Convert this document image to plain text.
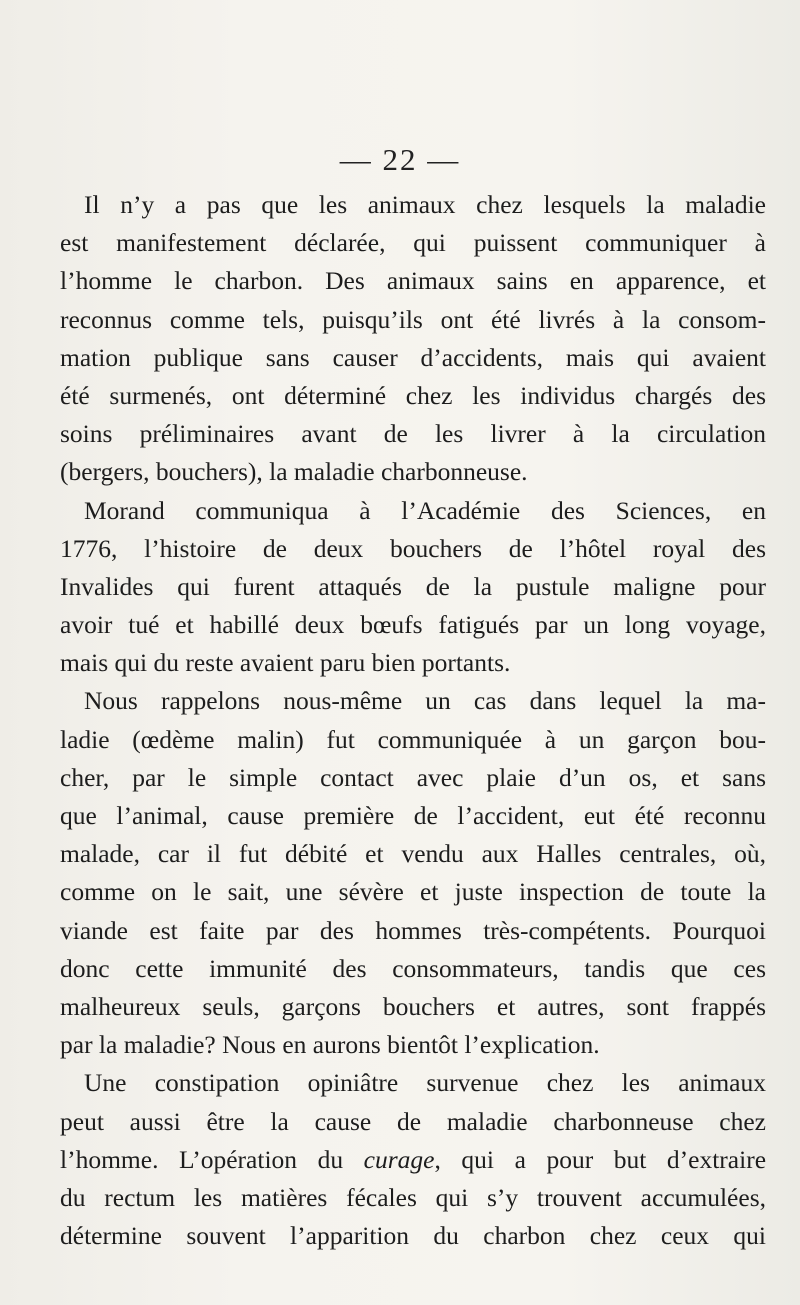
— 22 —
Il n’y a pas que les animaux chez lesquels la maladie
est manifestement déclarée, qui puissent communiquer à
l’homme le charbon. Des animaux sains en apparence, et
reconnus comme tels, puisqu’ils ont été livrés à la consom-
mation publique sans causer d’accidents, mais qui avaient
été surmenés, ont déterminé chez les individus chargés des
soins préliminaires avant de les livrer à la circulation
(bergers, bouchers), la maladie charbonneuse.
Morand communiqua à l’Académie des Sciences, en
1776, l’histoire de deux bouchers de l’hôtel royal des
Invalides qui furent attaqués de la pustule maligne pour
avoir tué et habillé deux bœufs fatigués par un long voyage,
mais qui du reste avaient paru bien portants.
Nous rappelons nous-même un cas dans lequel la ma-
ladie (œdème malin) fut communiquée à un garçon bou-
cher, par le simple contact avec plaie d’un os, et sans
que l’animal, cause première de l’accident, eut été reconnu
malade, car il fut débité et vendu aux Halles centrales, où,
comme on le sait, une sévère et juste inspection de toute la
viande est faite par des hommes très-compétents. Pourquoi
donc cette immunité des consommateurs, tandis que ces
malheureux seuls, garçons bouchers et autres, sont frappés
par la maladie? Nous en aurons bientôt l’explication.
Une constipation opiniâtre survenue chez les animaux
peut aussi être la cause de maladie charbonneuse chez
l’homme. L’opération du curage, qui a pour but d’extraire
du rectum les matières fécales qui s’y trouvent accumulées,
détermine souvent l’apparition du charbon chez ceux qui
